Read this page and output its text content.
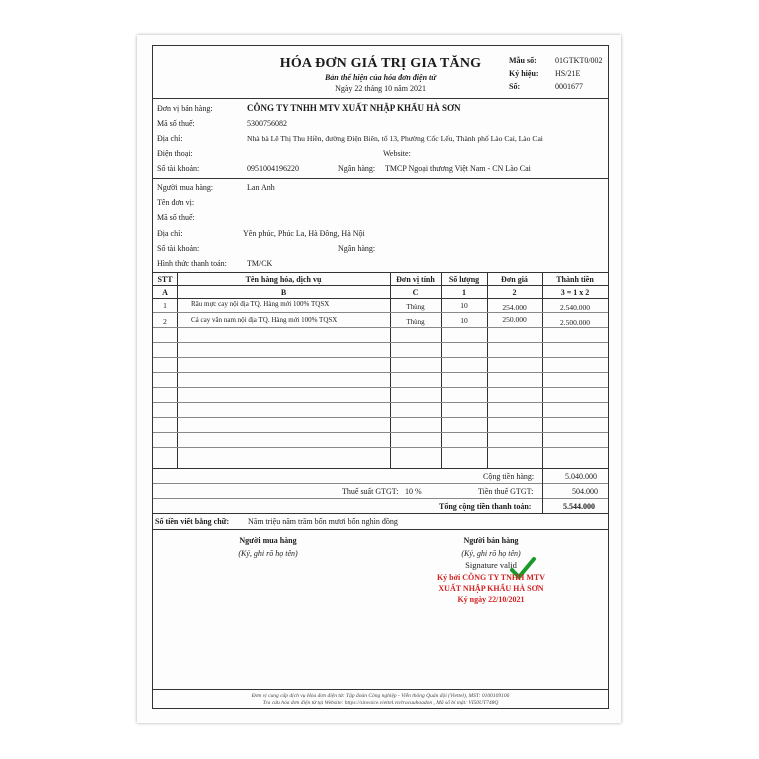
HÓA ĐƠN GIÁ TRỊ GIA TĂNG
Bản thể hiện của hóa đơn điện tử
Ngày 22 tháng 10 năm 2021
Mẫu số: 01GTKT0/002
Ký hiệu: HS/21E
Số:	0001677
Đơn vị bán hàng:	CÔNG TY TNHH MTV XUẤT NHẬP KHẨU HÀ SƠN
Mã số thuế:	5300756082
Địa chỉ:	Nhà bà Lê Thị Thu Hiền, đường Điện Biên, tổ 13, Phường Cốc Lếu, Thành phố Lào Cai, Lào Cai
Điện thoại:	Website:
Số tài khoản:	0951004196220	Ngân hàng: TMCP Ngoại thương Việt Nam - CN Lào Cai
Người mua hàng:	Lan Anh
Tên đơn vị:
Mã số thuế:
Địa chỉ:	Yên phúc, Phúc La, Hà Đông, Hà Nội
Số tài khoản:	Ngân hàng:
Hình thức thanh toán:	TM/CK
STT	Tên hàng hóa, dịch vụ	Đơn vị tính	Số lượng	Đơn giá	Thành tiền
A	B	C	1	2	3 = 1 x 2
1	Râu mực cay nội địa TQ. Hàng mới 100% TQSX	Thùng	10	254.000	2.540.000
2	Cá cay văn nam nội địa TQ. Hàng mới 100% TQSX	Thùng	10	250.000	2.500.000
Cộng tiền hàng:	5.040.000
Thuế suất GTGT: 10 %	Tiền thuế GTGT:	504.000
Tổng cộng tiền thanh toán:	5.544.000
Số tiền viết bằng chữ: Năm triệu năm trăm bốn mươi bốn nghìn đồng
Người mua hàng
(Ký, ghi rõ họ tên)
Người bán hàng
(Ký, ghi rõ họ tên)
Signature valid
Ký bởi CÔNG TY TNHH MTV
XUẤT NHẬP KHẨU HÀ SƠN
Ký ngày 22/10/2021
Đơn vị cung cấp dịch vụ Hóa đơn điện tử: Tập đoàn Công nghiệp - Viễn thông Quân đội (Viettel), MST: 0100109106
Tra cứu hóa đơn điện tử tại Website: https://sinvoice.viettel.vn/tracuuhoadon , Mã số bí mật: VI50UT748Q
